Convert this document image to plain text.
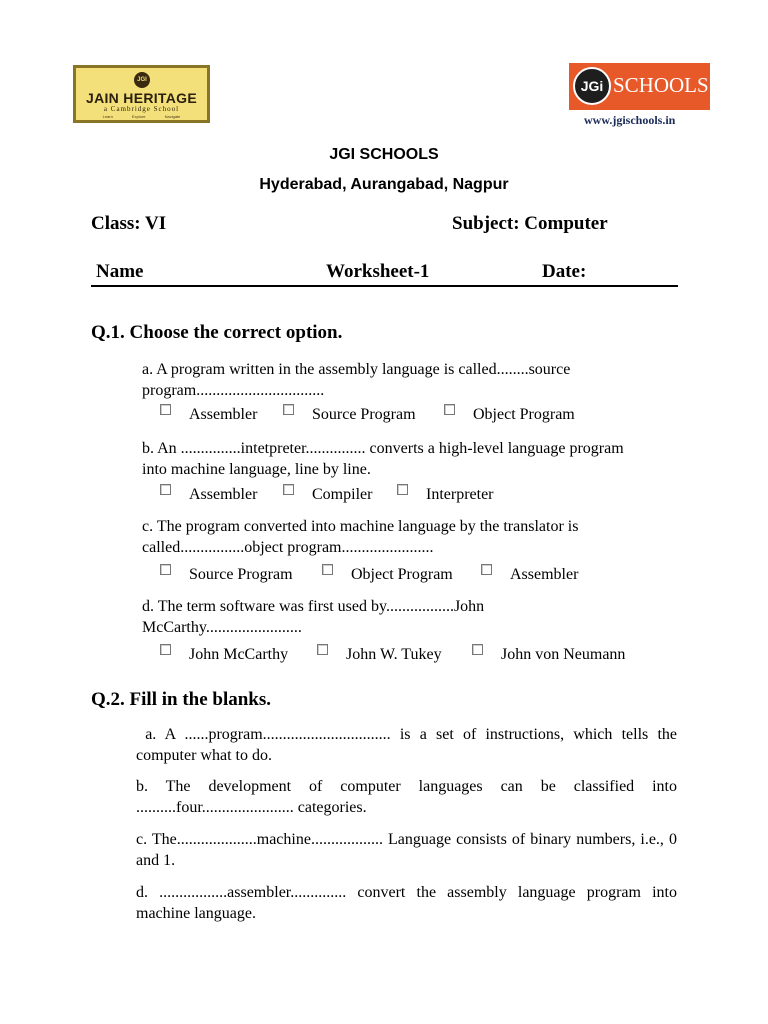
JGI
JAIN HERITAGE
a Cambridge School
Learn Explore Navigate
JGi SCHOOLS
www.jgischools.in
JGI SCHOOLS
Hyderabad, Aurangabad, Nagpur
Class: VI	Subject: Computer
Name	Worksheet-1	Date:
Q.1. Choose the correct option.
a. A program written in the assembly language is called........source
program................................
Assembler	Source Program	Object Program
b. An ...............intetpreter............... converts a high-level language program
into machine language, line by line.
Assembler	Compiler	Interpreter
c. The program converted into machine language by the translator is
called................object program.......................
Source Program	Object Program	Assembler
d. The term software was first used by.................John
McCarthy........................
John McCarthy	John W. Tukey	John von Neumann
Q.2. Fill in the blanks.
a. A ......program................................ is a set of instructions, which tells the computer what to do.
b. The development of computer languages can be classified into ..........four....................... categories.
c. The....................machine.................. Language consists of binary numbers, i.e., 0 and 1.
d. .................assembler.............. convert the assembly language program into machine language.
